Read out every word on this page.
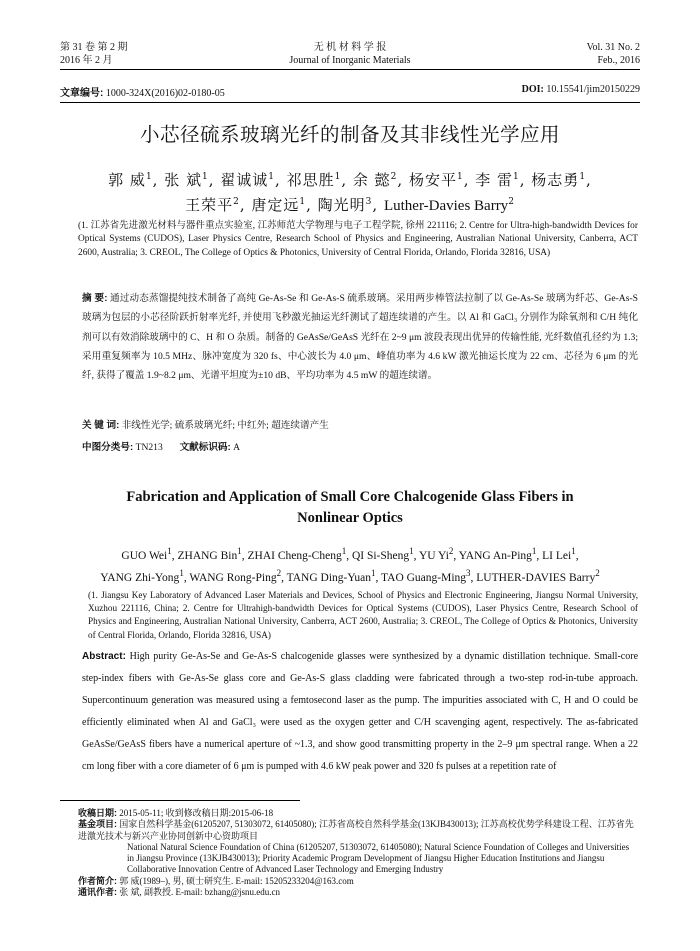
第 31 卷 第 2 期
2016 年 2 月
无 机 材 料 学 报
Journal of Inorganic Materials
Vol. 31 No. 2
Feb., 2016
文章编号: 1000-324X(2016)02-0180-05	DOI: 10.15541/jim20150229
小芯径硫系玻璃光纤的制备及其非线性光学应用
郭 威$^1$, 张 斌$^1$, 翟诚诚$^1$, 祁思胜$^1$, 余 懿$^2$, 杨安平$^1$, 李 雷$^1$, 杨志勇$^1$,
王荣平$^2$, 唐定远$^1$, 陶光明$^3$, Luther-Davies Barry$^2$
(1. 江苏省先进激光材料与器件重点实验室, 江苏师范大学物理与电子工程学院, 徐州 221116; 2. Centre for Ultra-high-bandwidth Devices for Optical Systems (CUDOS), Laser Physics Centre, Research School of Physics and Engineering, Australian National University, Canberra, ACT 2600, Australia; 3. CREOL, The College of Optics & Photonics, University of Central Florida, Orlando, Florida 32816, USA)
摘 要: 通过动态蒸馏提纯技术制备了高纯 Ge-As-Se 和 Ge-As-S 硫系玻璃。采用两步棒管法拉制了以 Ge-As-Se 玻璃为纤芯、Ge-As-S 玻璃为包层的小芯径阶跃折射率光纤, 并使用飞秒激光抽运光纤测试了超连续谱的产生。以 Al 和 GaCl₃ 分别作为除氧剂和 C/H 纯化剂可以有效消除玻璃中的 C、H 和 O 杂质。制备的 GeAsSe/GeAsS 光纤在 2~9 μm 波段表现出优异的传输性能, 光纤数值孔径约为 1.3; 采用重复频率为 10.5 MHz、脉冲宽度为 320 fs、中心波长为 4.0 μm、峰值功率为 4.6 kW 激光抽运长度为 22 cm、芯径为 6 μm 的光纤, 获得了覆盖 1.9~8.2 μm、光谱平坦度为±10 dB、平均功率为 4.5 mW 的超连续谱。
关 键 词: 非线性光学; 硫系玻璃光纤; 中红外; 超连续谱产生
中图分类号: TN213 文献标识码: A
Fabrication and Application of Small Core Chalcogenide Glass Fibers in
Nonlinear Optics
GUO Wei$^1$, ZHANG Bin$^1$, ZHAI Cheng-Cheng$^1$, QI Si-Sheng$^1$, YU Yi$^2$, YANG An-Ping$^1$, LI Lei$^1$,
YANG Zhi-Yong$^1$, WANG Rong-Ping$^2$, TANG Ding-Yuan$^1$, TAO Guang-Ming$^3$, LUTHER-DAVIES Barry$^2$
(1. Jiangsu Key Laboratory of Advanced Laser Materials and Devices, School of Physics and Electronic Engineering, Jiangsu Normal University, Xuzhou 221116, China; 2. Centre for Ultrahigh-bandwidth Devices for Optical Systems (CUDOS), Laser Physics Centre, Research School of Physics and Engineering, Australian National University, Canberra, ACT 2600, Australia; 3. CREOL, The College of Optics & Photonics, University of Central Florida, Orlando, Florida 32816, USA)
Abstract: High purity Ge-As-Se and Ge-As-S chalcogenide glasses were synthesized by a dynamic distillation technique. Small-core step-index fibers with Ge-As-Se glass core and Ge-As-S glass cladding were fabricated through a two-step rod-in-tube approach. Supercontinuum generation was measured using a femtosecond laser as the pump. The impurities associated with C, H and O could be efficiently eliminated when Al and GaCl₃ were used as the oxygen getter and C/H scavenging agent, respectively. The as-fabricated GeAsSe/GeAsS fibers have a numerical aperture of ~1.3, and show good transmitting property in the 2–9 μm spectral range. When a 22 cm long fiber with a core diameter of 6 μm is pumped with 4.6 kW peak power and 320 fs pulses at a repetition rate of
收稿日期: 2015-05-11; 收到修改稿日期:2015-06-18
基金项目: 国家自然科学基金(61205207, 51303072, 61405080); 江苏省高校自然科学基金(13KJB430013); 江苏高校优势学科建设工程、江苏省先进激光技术与新兴产业协同创新中心资助项目
National Natural Science Foundation of China (61205207, 51303072, 61405080); Natural Science Foundation of Colleges and Universities in Jiangsu Province (13KJB430013); Priority Academic Program Development of Jiangsu Higher Education Institutions and Jiangsu Collaborative Innovation Centre of Advanced Laser Technology and Emerging Industry
作者简介: 郭 威(1989–), 男, 硕士研究生. E-mail: 15205233204@163.com
通讯作者: 张 斌, 副教授. E-mail: bzhang@jsnu.edu.cn
